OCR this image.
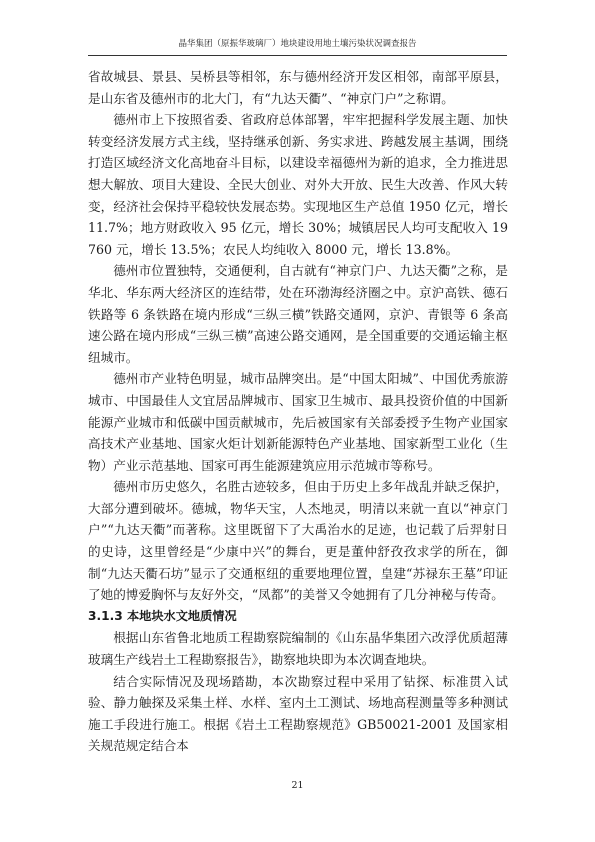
晶华集团（原振华玻璃厂）地块建设用地土壤污染状况调查报告

省故城县、景县、吴桥县等相邻，东与德州经济开发区相邻，南部平原县，是山东省及德州市的北大门，有“九达天衢”、“神京门户”之称谓。

德州市上下按照省委、省政府总体部署，牢牢把握科学发展主题、加快转变经济发展方式主线，坚持继承创新、务实求进、跨越发展主基调，围绕打造区域经济文化高地奋斗目标，以建设幸福德州为新的追求，全力推进思想大解放、项目大建设、全民大创业、对外大开放、民生大改善、作风大转变，经济社会保持平稳较快发展态势。实现地区生产总值 1950 亿元，增长 11.7%；地方财政收入 95 亿元，增长 30%；城镇居民人均可支配收入 19760 元，增长 13.5%；农民人均纯收入 8000 元，增长 13.8%。

德州市位置独特，交通便利，自古就有“神京门户、九达天衢”之称，是华北、华东两大经济区的连结带，处在环渤海经济圈之中。京沪高铁、德石铁路等 6 条铁路在境内形成“三纵三横”铁路交通网，京沪、青银等 6 条高速公路在境内形成“三纵三横”高速公路交通网，是全国重要的交通运输主枢纽城市。

德州市产业特色明显，城市品牌突出。是“中国太阳城”、中国优秀旅游城市、中国最佳人文宜居品牌城市、国家卫生城市、最具投资价值的中国新能源产业城市和低碳中国贡献城市，先后被国家有关部委授予生物产业国家高技术产业基地、国家火炬计划新能源特色产业基地、国家新型工业化（生物）产业示范基地、国家可再生能源建筑应用示范城市等称号。

德州市历史悠久，名胜古迹较多，但由于历史上多年战乱并缺乏保护，大部分遭到破坏。德城，物华天宝，人杰地灵，明清以来就一直以“神京门户”“九达天衢”而著称。这里既留下了大禹治水的足迹，也记载了后羿射日的史诗，这里曾经是“少康中兴”的舞台，更是董仲舒孜孜求学的所在，御制“九达天衢石坊”显示了交通枢纽的重要地理位置，皇建“苏禄东王墓”印证了她的博爱胸怀与友好外交，“凤都”的美誉又令她拥有了几分神秘与传奇。

3.1.3 本地块水文地质情况

根据山东省鲁北地质工程勘察院编制的《山东晶华集团六改浮优质超薄玻璃生产线岩土工程勘察报告》，勘察地块即为本次调查地块。

结合实际情况及现场踏勘，本次勘察过程中采用了钻探、标准贯入试验、静力触探及采集土样、水样、室内土工测试、场地高程测量等多种测试施工手段进行施工。根据《岩土工程勘察规范》GB50021-2001 及国家相关规范规定结合本

21
